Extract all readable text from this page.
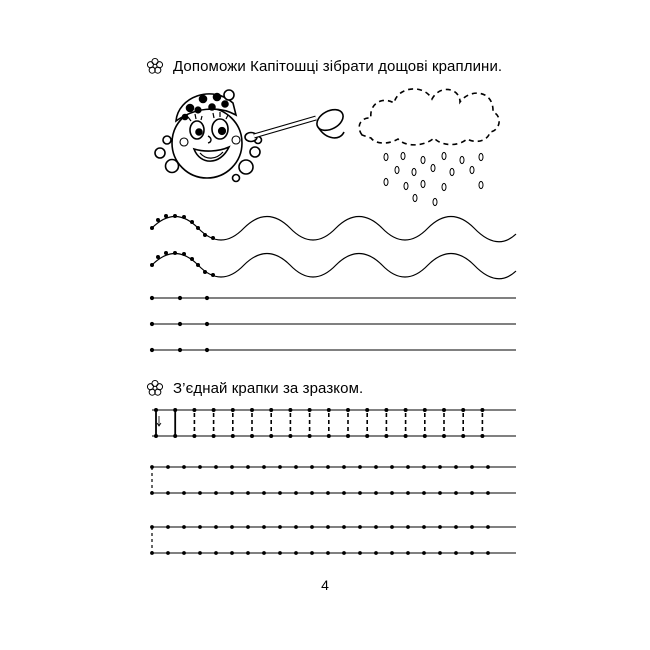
Допоможи Капітошці зібрати дощові краплини.
З’єднай крапки за зразком.
4
